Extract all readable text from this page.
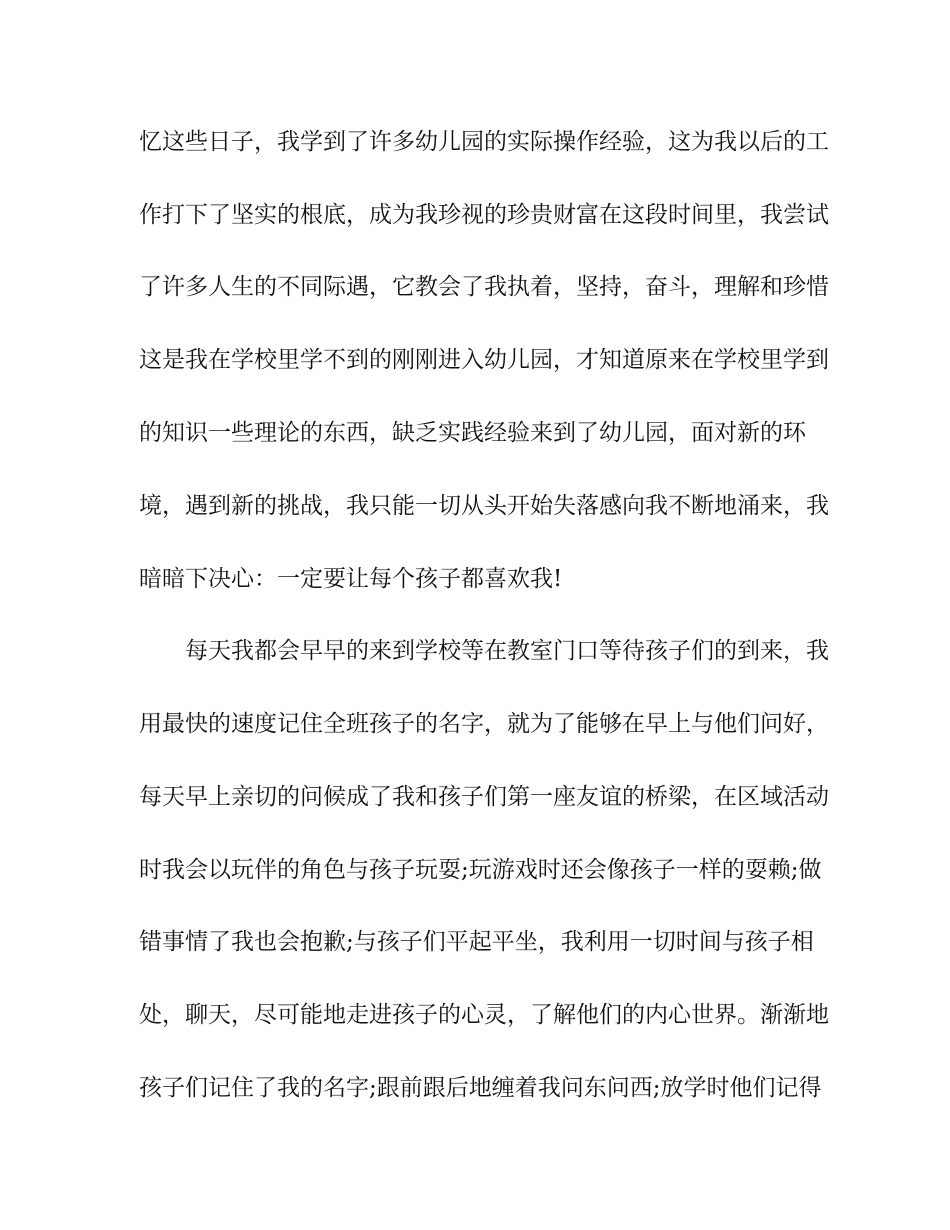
忆这些日子，我学到了许多幼儿园的实际操作经验，这为我以后的工
作打下了坚实的根底，成为我珍视的珍贵财富在这段时间里，我尝试
了许多人生的不同际遇，它教会了我执着，坚持，奋斗，理解和珍惜
这是我在学校里学不到的刚刚进入幼儿园，才知道原来在学校里学到
的知识一些理论的东西，缺乏实践经验来到了幼儿园，面对新的环
境，遇到新的挑战，我只能一切从头开始失落感向我不断地涌来，我
暗暗下决心：一定要让每个孩子都喜欢我!
每天我都会早早的来到学校等在教室门口等待孩子们的到来，我
用最快的速度记住全班孩子的名字，就为了能够在早上与他们问好，
每天早上亲切的问候成了我和孩子们第一座友谊的桥梁，在区域活动
时我会以玩伴的角色与孩子玩耍;玩游戏时还会像孩子一样的耍赖;做
错事情了我也会抱歉;与孩子们平起平坐，我利用一切时间与孩子相
处，聊天，尽可能地走进孩子的心灵，了解他们的内心世界。渐渐地
孩子们记住了我的名字;跟前跟后地缠着我问东问西;放学时他们记得
